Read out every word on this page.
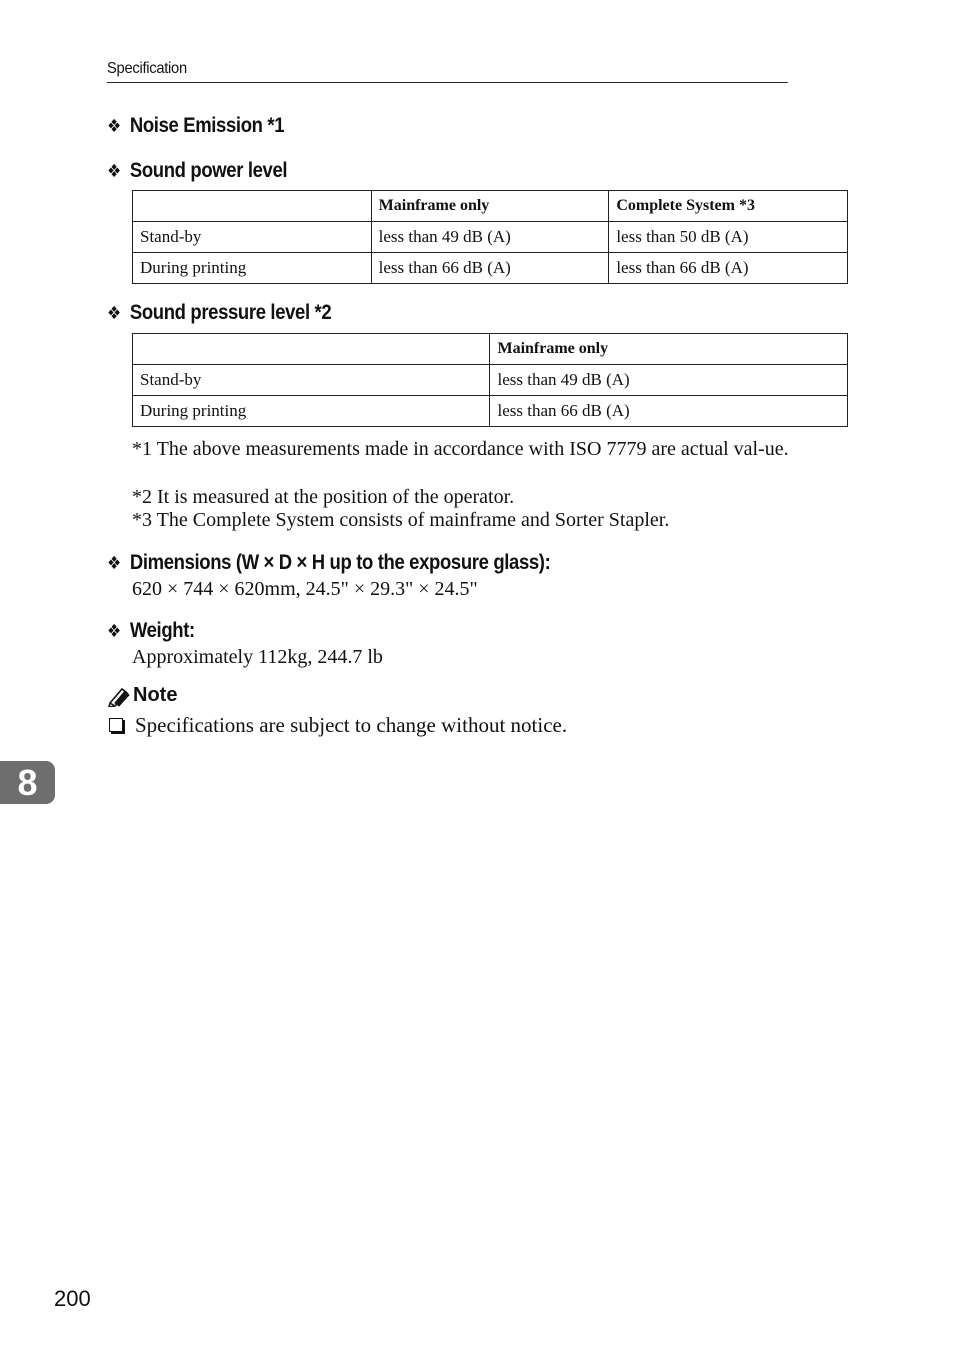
Specification
❖ Noise Emission *1
❖ Sound power level
	Mainframe only	Complete System *3
Stand-by	less than 49 dB (A)	less than 50 dB (A)
During printing	less than 66 dB (A)	less than 66 dB (A)
❖ Sound pressure level *2
	Mainframe only
Stand-by	less than 49 dB (A)
During printing	less than 66 dB (A)
*1 The above measurements made in accordance with ISO 7779 are actual val-ue.
*2 It is measured at the position of the operator.
*3 The Complete System consists of mainframe and Sorter Stapler.
❖ Dimensions (W × D × H up to the exposure glass):
620 × 744 × 620mm, 24.5" × 29.3" × 24.5"
❖ Weight:
Approximately 112kg, 244.7 lb
Note
Specifications are subject to change without notice.
8
200
